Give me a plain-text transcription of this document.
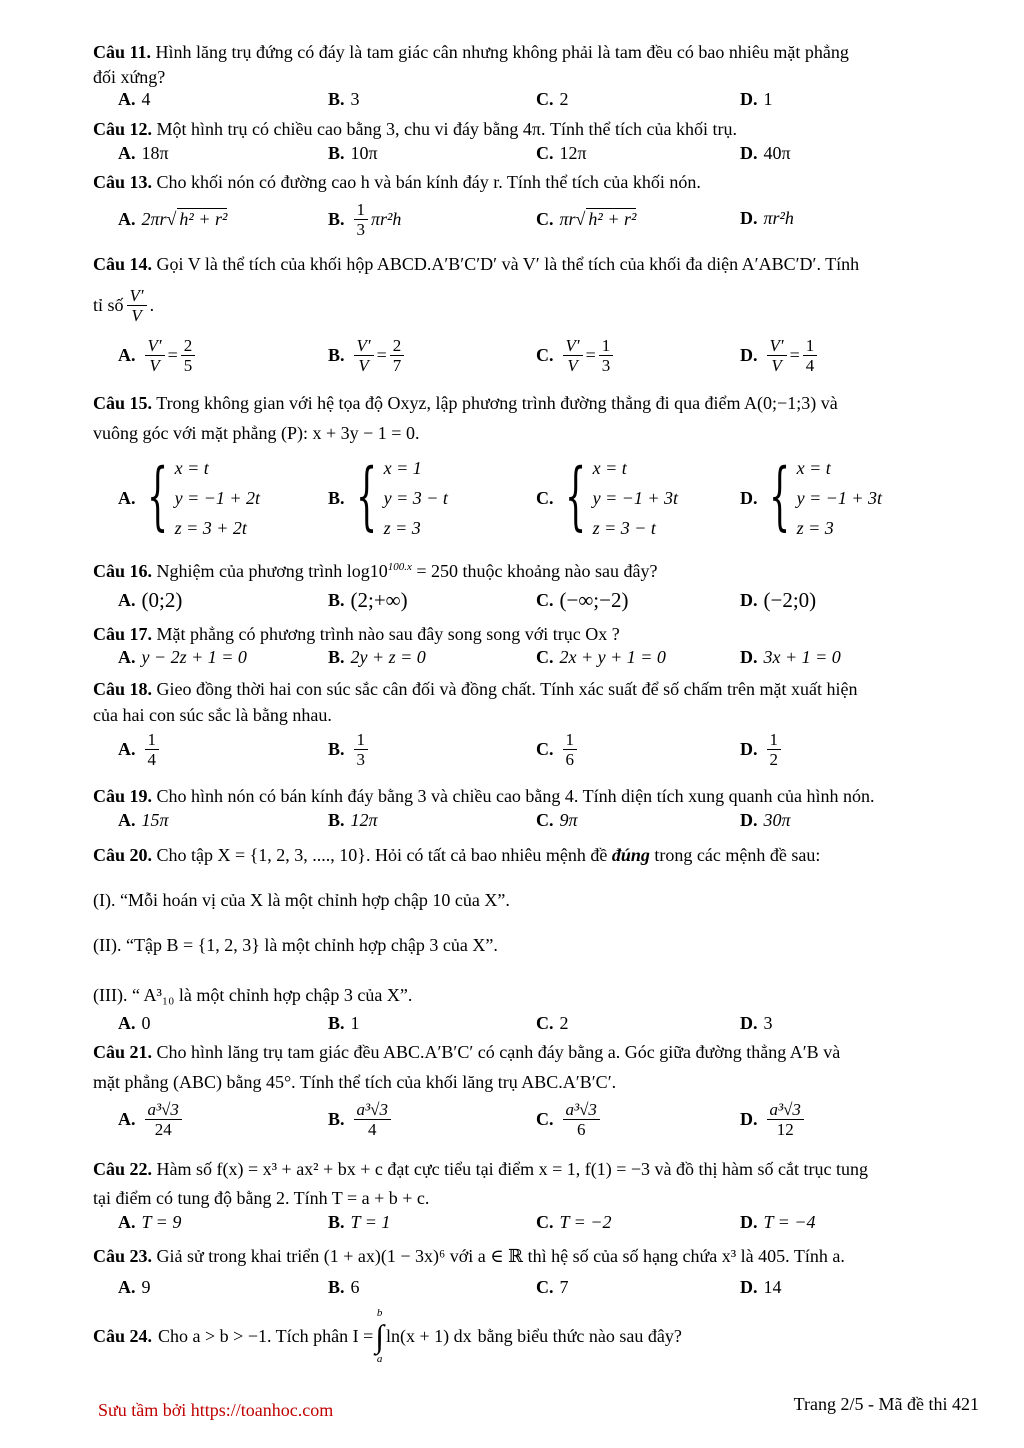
Câu 11. Hình lăng trụ đứng có đáy là tam giác cân nhưng không phải là tam đều có bao nhiêu mặt phẳng
đối xứng?
A. 4	B. 3	C. 2	D. 1
Câu 12. Một hình trụ có chiều cao bằng 3, chu vi đáy bằng 4π. Tính thể tích của khối trụ.
A. 18π	B. 10π	C. 12π	D. 40π
Câu 13. Cho khối nón có đường cao h và bán kính đáy r. Tính thể tích của khối nón.
A. 2πr √ h² + r²	B. $\frac{1}{3} \pi r^2h$	C. πr √ h² + r²	D. πr²h
Câu 14. Gọi V là thể tích của khối hộp ABCD.A′B′C′D′ và V′ là thể tích của khối đa diện A′ABC′D′. Tính
tỉ số $\frac{V'}{V}$ .
A. $\frac{V'}{V} = \frac{2}{5}$	B. $\frac{V'}{V} = \frac{2}{7}$	C. $\frac{V'}{V} = \frac{1}{3}$	D. $\frac{V'}{V} = \frac{1}{4}$
Câu 15. Trong không gian với hệ tọa độ Oxyz, lập phương trình đường thẳng đi qua điểm A(0;−1;3) và
vuông góc với mặt phẳng (P): x + 3y − 1 = 0.
A. { x = t
y = −1 + 2t
z = 3 + 2t
B. { x = 1
y = 3 − t
z = 3
C. { x = t
y = −1 + 3t
z = 3 − t
D. { x = t
y = −1 + 3t
z = 3
Câu 16. Nghiệm của phương trình $\log 10^{100.x} = 250$ thuộc khoảng nào sau đây?
A. (0;2)	B. (2;+∞)	C. (−∞;−2)	D. (−2;0)
Câu 17. Mặt phẳng có phương trình nào sau đây song song với trục Ox ?
A. y − 2z + 1 = 0	B. 2y + z = 0	C. 2x + y + 1 = 0	D. 3x + 1 = 0
Câu 18. Gieo đồng thời hai con súc sắc cân đối và đồng chất. Tính xác suất để số chấm trên mặt xuất hiện
của hai con súc sắc là bằng nhau.
A. $\frac{1}{4}$	B. $\frac{1}{3}$	C. $\frac{1}{6}$	D. $\frac{1}{2}$
Câu 19. Cho hình nón có bán kính đáy bằng 3 và chiều cao bằng 4. Tính diện tích xung quanh của hình nón.
A. 15π	B. 12π	C. 9π	D. 30π
Câu 20. Cho tập X = {1, 2, 3, ...., 10}. Hỏi có tất cả bao nhiêu mệnh đề đúng trong các mệnh đề sau:
(I). “Mỗi hoán vị của X là một chỉnh hợp chập 10 của X”.
(II). “Tập B = {1, 2, 3} là một chỉnh hợp chập 3 của X”.
(III). “ A³₁₀ là một chỉnh hợp chập 3 của X”.
A. 0	B. 1	C. 2	D. 3
Câu 21. Cho hình lăng trụ tam giác đều ABC.A′B′C′ có cạnh đáy bằng a. Góc giữa đường thẳng A′B và
mặt phẳng (ABC) bằng 45°. Tính thể tích của khối lăng trụ ABC.A′B′C′.
A. $\frac{\text{a³√3}}{24}$	B. $\frac{\text{a³√3}}{4}$	C. $\frac{\text{a³√3}}{6}$	D. $\frac{\text{a³√3}}{12}$
Câu 22. Hàm số f(x) = x³ + ax² + bx + c đạt cực tiểu tại điểm x = 1, f(1) = −3 và đồ thị hàm số cắt trục tung
tại điểm có tung độ bằng 2. Tính T = a + b + c.
A. T = 9	B. T = 1	C. T = −2	D. T = −4
Câu 23. Giả sử trong khai triển (1 + ax)(1 − 3x)⁶ với a ∈ ℝ thì hệ số của số hạng chứa x³ là 405. Tính a.
A. 9	B. 6	C. 7	D. 14
Câu 24. Cho a > b > −1. Tích phân I =
b
∫
a
ln(x + 1) dx bằng biểu thức nào sau đây?
Sưu tầm bởi https://toanhoc.com	Trang 2/5 - Mã đề thi 421
